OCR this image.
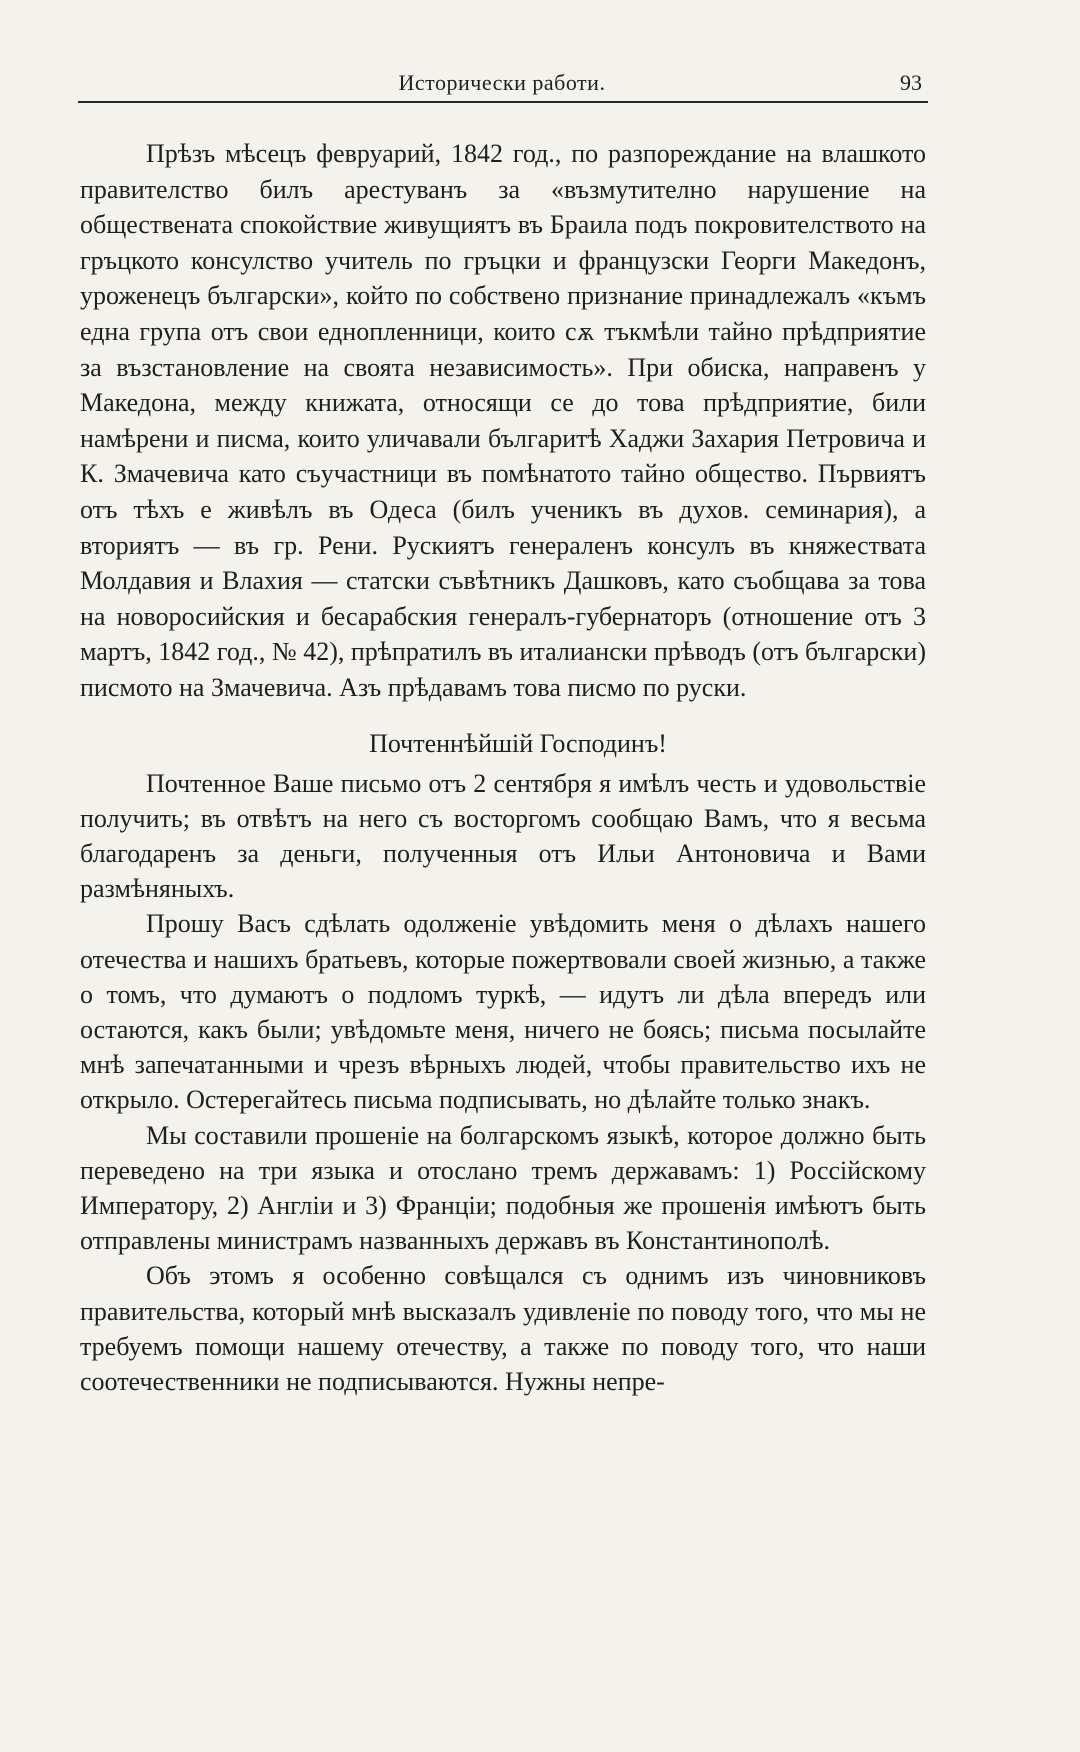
Исторически работи.	93

Прѣзъ мѣсецъ февруарий, 1842 год., по разпореждание на влашкото правителство билъ арестуванъ за «възмутително нарушение на обществената спокойствие живущиятъ въ Браила подъ покровителството на гръцкото консулство учитель по гръцки и французски Георги Македонъ, уроженецъ български», който по собствено признание принадлежалъ «къмъ една група отъ свои еднопленници, които сѫ тъкмѣли тайно прѣдприятие за възстановление на своята независимость». При обиска, направенъ у Македона, между книжата, относящи се до това прѣдприятие, били намѣрени и писма, които уличавали българитѣ Хаджи Захария Петровича и К. Змачевича като съучастници въ помѣнатото тайно общество. Първиятъ отъ тѣхъ е живѣлъ въ Одеса (билъ ученикъ въ духов. семинария), а вториятъ — въ гр. Рени. Рускиятъ генераленъ консулъ въ княжествата Молдавия и Влахия — статски съвѣтникъ Дашковъ, като съобщава за това на новоросийския и бесарабския генералъ-губернаторъ (отношение отъ 3 мартъ, 1842 год., № 42), прѣпратилъ въ италиански прѣводъ (отъ български) писмото на Змачевича. Азъ прѣдавамъ това писмо по руски.

Почтеннѣйшій Господинъ!

Почтенное Ваше письмо отъ 2 сентября я имѣлъ честь и удовольствіе получить; въ отвѣтъ на него съ восторгомъ сообщаю Вамъ, что я весьма благодаренъ за деньги, полученныя отъ Ильи Антоновича и Вами размѣняныхъ.

Прошу Васъ сдѣлать одолженіе увѣдомить меня о дѣлахъ нашего отечества и нашихъ братьевъ, которые пожертвовали своей жизнью, а также о томъ, что думаютъ о подломъ туркѣ, — идутъ ли дѣла впередъ или остаются, какъ были; увѣдомьте меня, ничего не боясь; письма посылайте мнѣ запечатанными и чрезъ вѣрныхъ людей, чтобы правительство ихъ не открыло. Остерегайтесь письма подписывать, но дѣлайте только знакъ.

Мы составили прошеніе на болгарскомъ языкѣ, которое должно быть переведено на три языка и отослано тремъ державамъ: 1) Россійскому Императору, 2) Англіи и 3) Франціи; подобныя же прошенія имѣютъ быть отправлены министрамъ названныхъ державъ въ Константинополѣ.

Объ этомъ я особенно совѣщался съ однимъ изъ чиновниковъ правительства, который мнѣ высказалъ удивленіе по поводу того, что мы не требуемъ помощи нашему отечеству, а также по поводу того, что наши соотечественники не подписываются. Нужны непре-
